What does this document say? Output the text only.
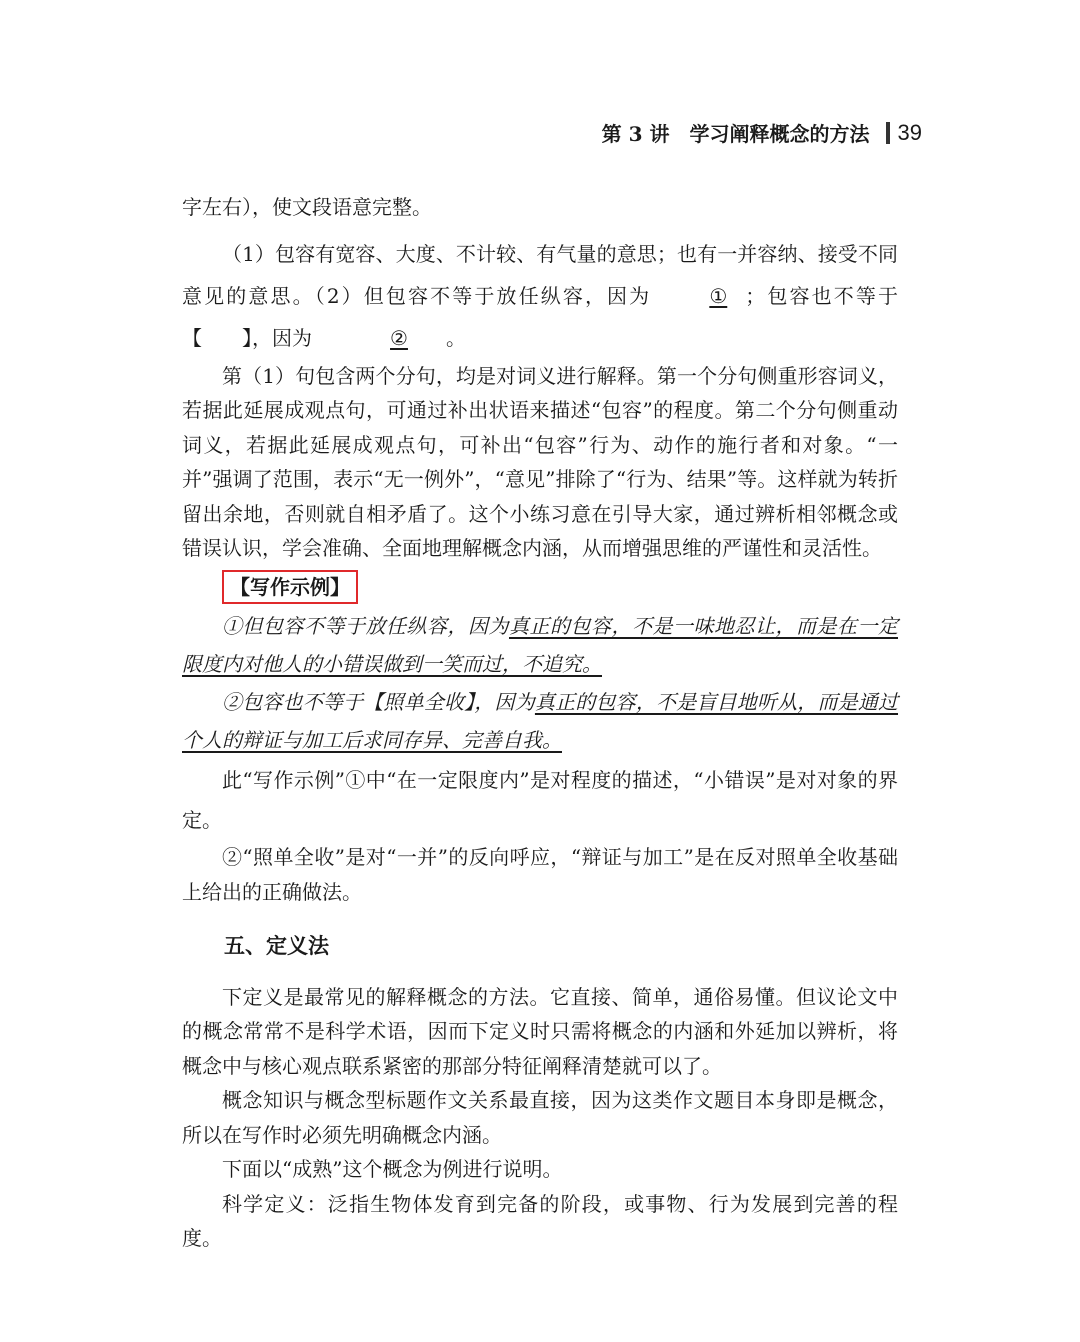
第 3 讲　学习阐释概念的方法 39

字左右），使文段语意完整。

（1）包容有宽容、大度、不计较、有气量的意思；也有一并容纳、接受不同意见的意思。（2）但包容不等于放任纵容，因为	① ；包容也不等于【　　】，因为	② 。

第（1）句包含两个分句，均是对词义进行解释。第一个分句侧重形容词义，若据此延展成观点句，可通过补出状语来描述“包容”的程度。第二个分句侧重动词义，若据此延展成观点句，可补出“包容”行为、动作的施行者和对象。“一并”强调了范围，表示“无一例外”，“意见”排除了“行为、结果”等。这样就为转折留出余地，否则就自相矛盾了。这个小练习意在引导大家，通过辨析相邻概念或错误认识，学会准确、全面地理解概念内涵，从而增强思维的严谨性和灵活性。

【写作示例】

①但包容不等于放任纵容，因为真正的包容，不是一味地忍让，而是在一定限度内对他人的小错误做到一笑而过，不追究。

②包容也不等于【照单全收】，因为真正的包容，不是盲目地听从，而是通过个人的辩证与加工后求同存异、完善自我。

此“写作示例”①中“在一定限度内”是对程度的描述，“小错误”是对对象的界定。

②“照单全收”是对“一并”的反向呼应，“辩证与加工”是在反对照单全收基础上给出的正确做法。

五、定义法

下定义是最常见的解释概念的方法。它直接、简单，通俗易懂。但议论文中的概念常常不是科学术语，因而下定义时只需将概念的内涵和外延加以辨析，将概念中与核心观点联系紧密的那部分特征阐释清楚就可以了。

概念知识与概念型标题作文关系最直接，因为这类作文题目本身即是概念，所以在写作时必须先明确概念内涵。

下面以“成熟”这个概念为例进行说明。

科学定义：泛指生物体发育到完备的阶段，或事物、行为发展到完善的程度。
